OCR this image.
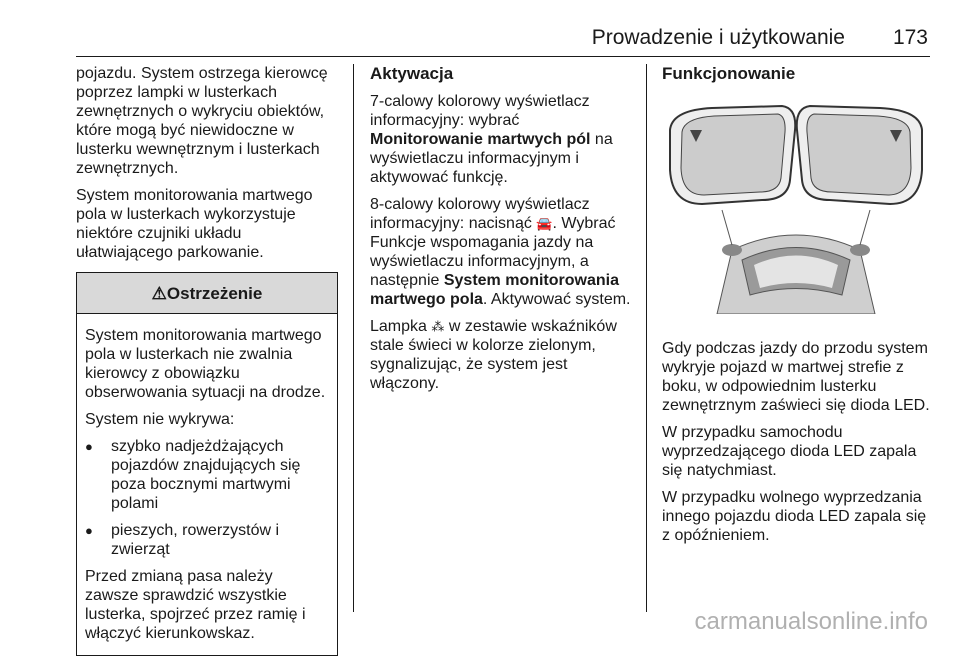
Prowadzenie i użytkowanie 173

pojazdu. System ostrzega kierowcę poprzez lampki w lusterkach zewnętrznych o wykryciu obiektów, które mogą być niewidoczne w lusterku wewnętrznym i lusterkach zewnętrznych.

System monitorowania martwego pola w lusterkach wykorzystuje niektóre czujniki układu ułatwiającego parkowanie.

⚠ Ostrzeżenie

System monitorowania martwego pola w lusterkach nie zwalnia kierowcy z obowiązku obserwowania sytuacji na drodze.

System nie wykrywa:

● szybko nadjeżdżających pojazdów znajdujących się poza bocznymi martwymi polami
● pieszych, rowerzystów i zwierząt

Przed zmianą pasa należy zawsze sprawdzić wszystkie lusterka, spojrzeć przez ramię i włączyć kierunkowskaz.

Aktywacja

7-calowy kolorowy wyświetlacz informacyjny: wybrać Monitorowanie martwych pól na wyświetlaczu informacyjnym i aktywować funkcję.

8-calowy kolorowy wyświetlacz informacyjny: nacisnąć 🚘. Wybrać Funkcje wspomagania jazdy na wyświetlaczu informacyjnym, a następnie System monitorowania martwego pola. Aktywować system.

Lampka ⁂ w zestawie wskaźników stale świeci w kolorze zielonym, sygnalizując, że system jest włączony.

Funkcjonowanie

Gdy podczas jazdy do przodu system wykryje pojazd w martwej strefie z boku, w odpowiednim lusterku zewnętrznym zaświeci się dioda LED.

W przypadku samochodu wyprzedzającego dioda LED zapala się natychmiast.

W przypadku wolnego wyprzedzania innego pojazdu dioda LED zapala się z opóźnieniem.

carmanualsonline.info
